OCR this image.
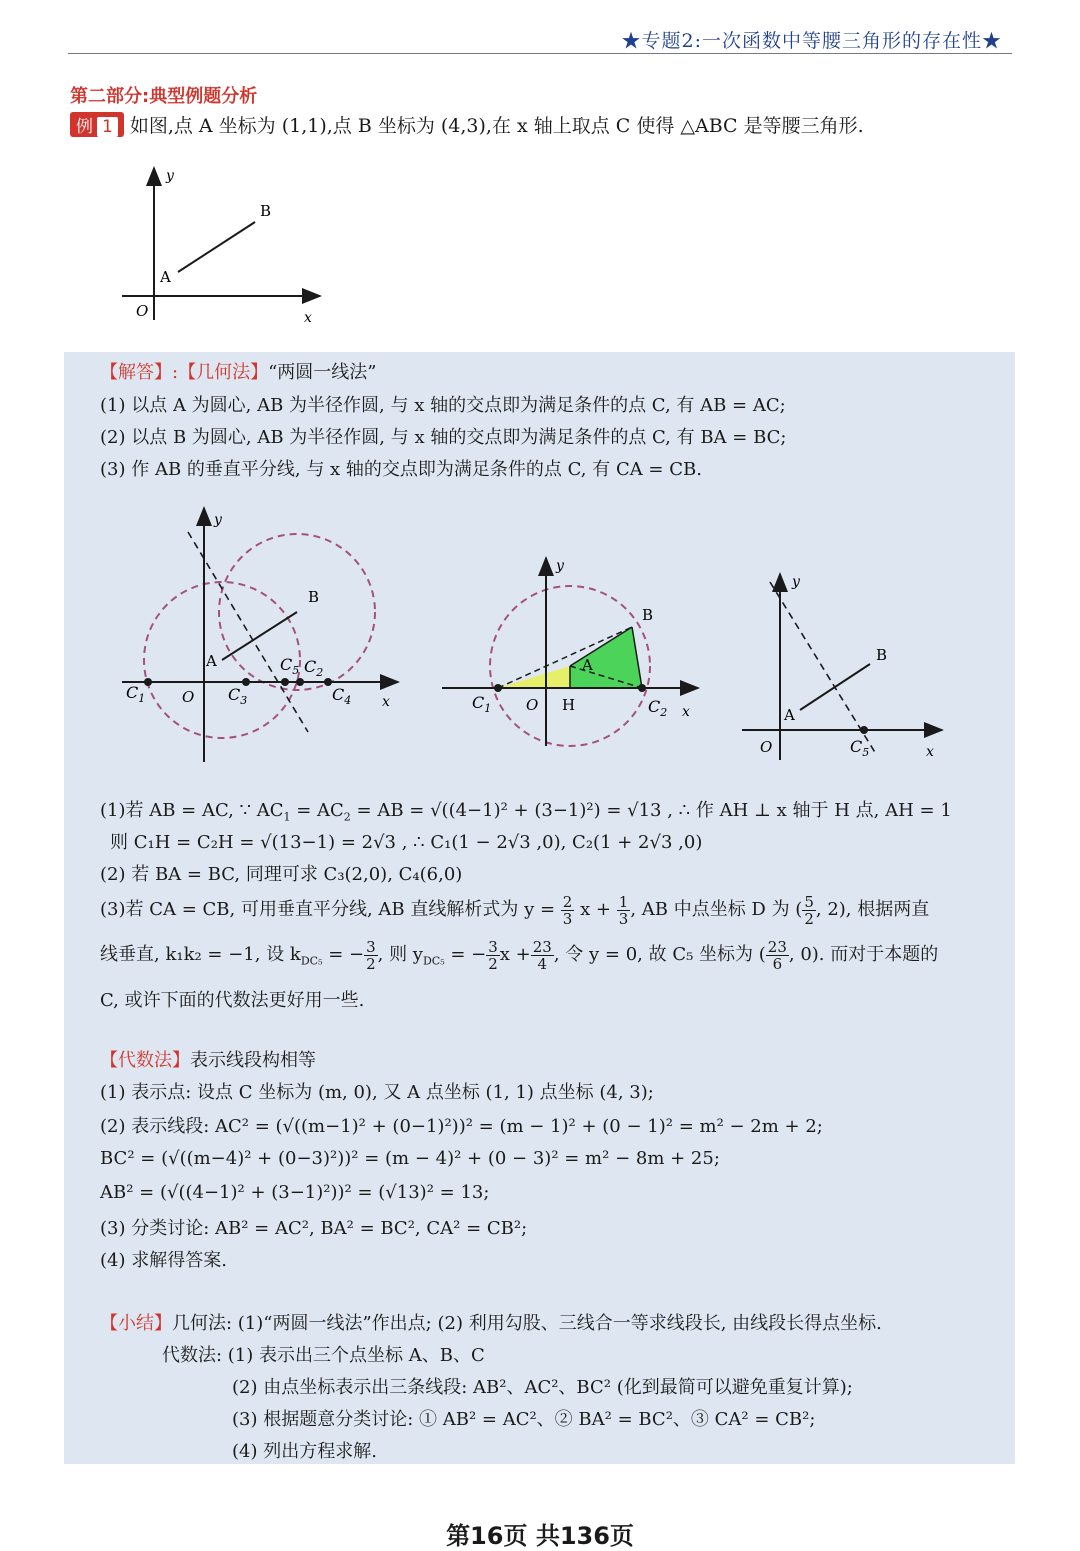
★专题2:一次函数中等腰三角形的存在性★
第二部分:典型例题分析
例 1 如图,点 A 坐标为 (1,1),点 B 坐标为 (4,3),在 x 轴上取点 C 使得 △ABC 是等腰三角形.
y
x
O
A
B
【解答】:【几何法】“两圆一线法”
(1) 以点 A 为圆心, AB 为半径作圆, 与 x 轴的交点即为满足条件的点 C, 有 AB = AC;
(2) 以点 B 为圆心, AB 为半径作圆, 与 x 轴的交点即为满足条件的点 C, 有 BA = BC;
(3) 作 AB 的垂直平分线, 与 x 轴的交点即为满足条件的点 C, 有 CA = CB.
y
x
O
A
B
$C_1$	$C_3$
$C_5$ $C_2$
$C_4$
y
x
O
A
B
H
$C_1$	$C_2$
y
x
O
A
B
$C_5$
(1)若 AB = AC, ∵ $AC_1 = AC_2$ = AB = √((4−1)² + (3−1)²) = √13 , ∴ 作 AH ⊥ x 轴于 H 点, AH = 1
则 C₁H = C₂H = √(13−1) = 2√3 , ∴ C₁(1 − 2√3 ,0), C₂(1 + 2√3 ,0)
(2) 若 BA = BC, 同理可求 C₃(2,0), C₄(6,0)
(3)若 CA = CB, 可用垂直平分线, AB 直线解析式为 $y = \frac{2}{3}$ $x + \frac{1}{3}$ , AB 中点坐标 D 为 ( $\frac{5}{2}$ , 2), 根据两直
线垂直, k₁k₂ = −1, 设 $k_{DC_5}$ = − $\frac{3}{2}$ , 则 $y_{DC_5}$ = − $\frac{3}{2}$ $x + \frac{23}{4}$ , 令 y = 0, 故 C₅ 坐标为 ( $\frac{23}{6}$ , 0). 而对于本题的
C, 或许下面的代数法更好用一些.
【代数法】表示线段构相等
(1) 表示点: 设点 C 坐标为 (m, 0), 又 A 点坐标 (1, 1) 点坐标 (4, 3);
(2) 表示线段: AC² = (√((m−1)² + (0−1)²))² = (m − 1)² + (0 − 1)² = m² − 2m + 2;
BC² = (√((m−4)² + (0−3)²))² = (m − 4)² + (0 − 3)² = m² − 8m + 25;
AB² = (√((4−1)² + (3−1)²))² = (√13)² = 13;
(3) 分类讨论: AB² = AC², BA² = BC², CA² = CB²;
(4) 求解得答案.
【小结】几何法: (1)“两圆一线法”作出点; (2) 利用勾股、三线合一等求线段长, 由线段长得点坐标.
代数法: (1) 表示出三个点坐标 A、B、C
(2) 由点坐标表示出三条线段: AB²、AC²、BC² (化到最简可以避免重复计算);
(3) 根据题意分类讨论: ① AB² = AC²、② BA² = BC²、③ CA² = CB²;
(4) 列出方程求解.
第16页 共136页
